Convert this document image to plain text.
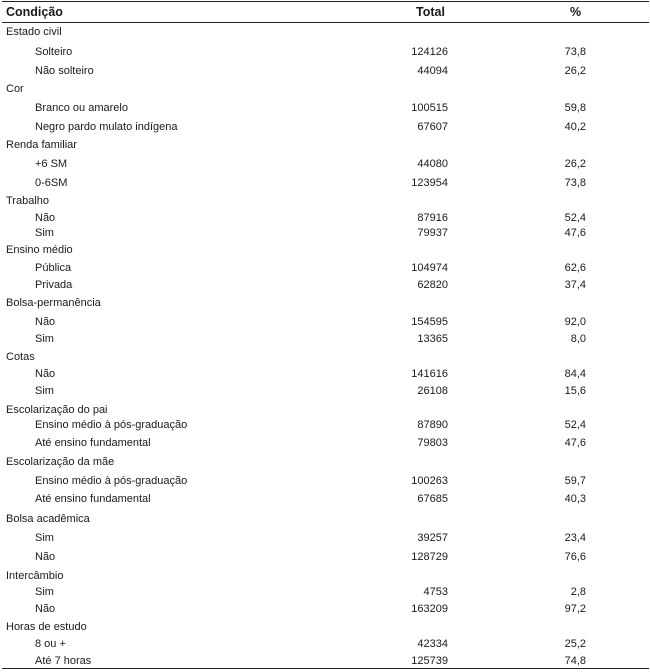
Condição	Total	%
Estado civil
Solteiro	124126	73,8
Não solteiro	44094	26,2
Cor
Branco ou amarelo	100515	59,8
Negro pardo mulato indígena	67607	40,2
Renda familiar
+6 SM	44080	26,2
0-6SM	123954	73,8
Trabalho
Não	87916	52,4
Sim	79937	47,6
Ensino médio
Pública	104974	62,6
Privada	62820	37,4
Bolsa-permanência
Não	154595	92,0
Sim	13365	8,0
Cotas
Não	141616	84,4
Sim	26108	15,6
Escolarização do pai
Ensino médio à pós-graduação	87890	52,4
Até ensino fundamental	79803	47,6
Escolarização da mãe
Ensino médio à pós-graduação	100263	59,7
Até ensino fundamental	67685	40,3
Bolsa acadêmica
Sim	39257	23,4
Não	128729	76,6
Intercâmbio
Sim	4753	2,8
Não	163209	97,2
Horas de estudo
8 ou +	42334	25,2
Até 7 horas	125739	74,8
